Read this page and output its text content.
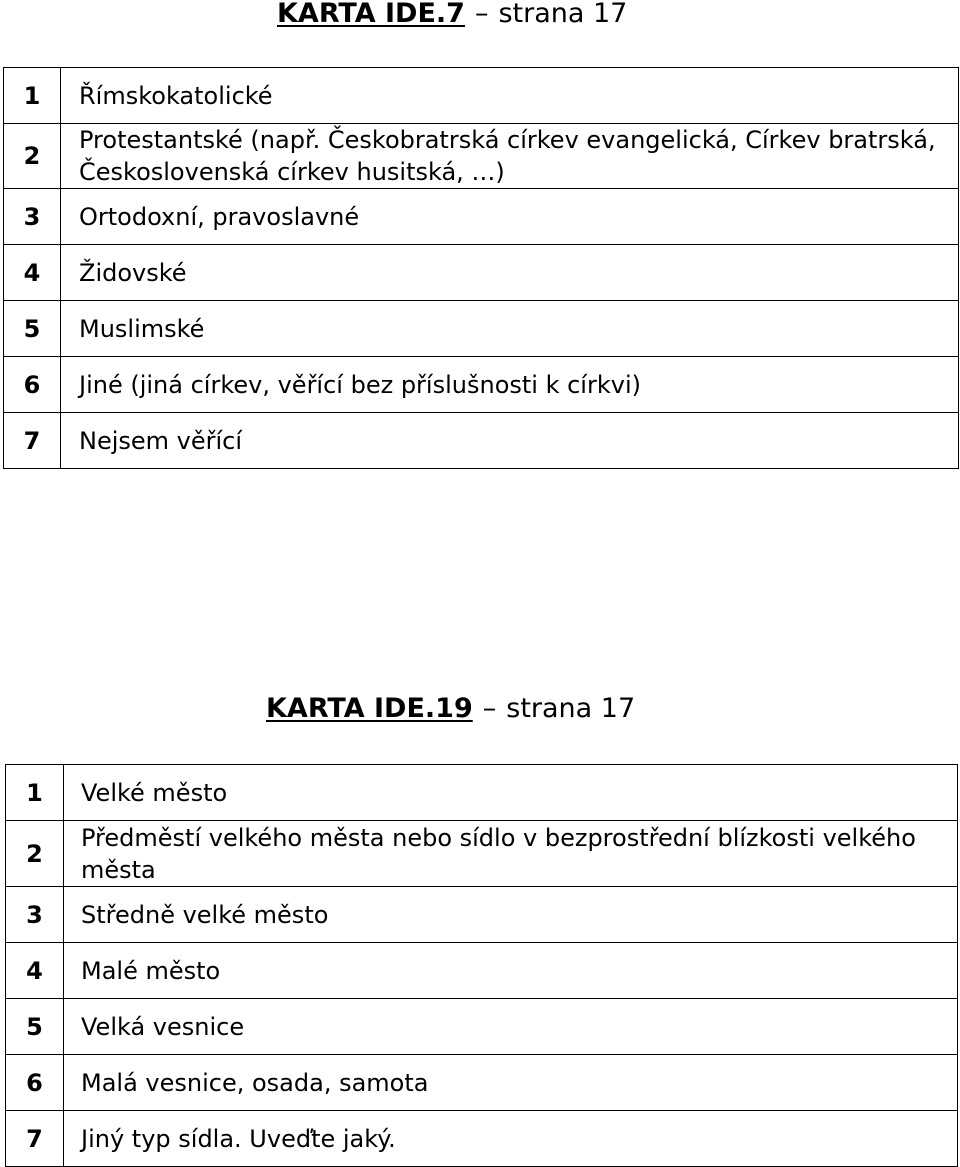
KARTA IDE.7 – strana 17
1	Římskokatolické
2	Protestantské (např. Českobratrská církev evangelická, Církev bratrská, Československá církev husitská, …)
3	Ortodoxní, pravoslavné
4	Židovské
5	Muslimské
6	Jiné (jiná církev, věřící bez příslušnosti k církvi)
7	Nejsem věřící
KARTA IDE.19 – strana 17
1	Velké město
2	Předměstí velkého města nebo sídlo v bezprostřední blízkosti velkého města
3	Středně velké město
4	Malé město
5	Velká vesnice
6	Malá vesnice, osada, samota
7	Jiný typ sídla. Uveďte jaký.
